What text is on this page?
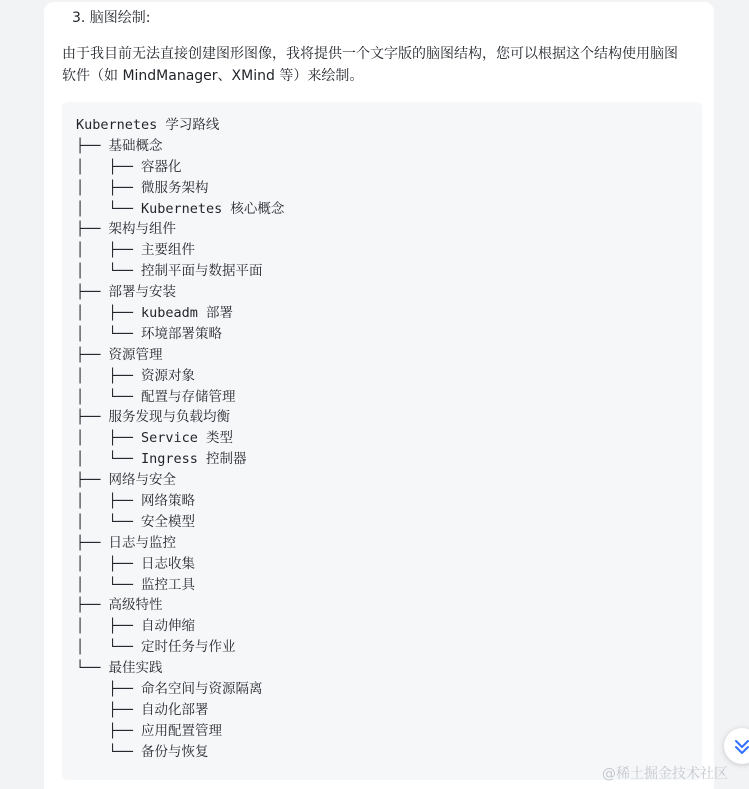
3. 脑图绘制:
由于我目前无法直接创建图形图像，我将提供一个文字版的脑图结构，您可以根据这个结构使用脑图
软件（如 MindManager、XMind 等）来绘制。
Kubernetes 学习路线
├── 基础概念
│   ├── 容器化
│   ├── 微服务架构
│   └── Kubernetes 核心概念
├── 架构与组件
│   ├── 主要组件
│   └── 控制平面与数据平面
├── 部署与安装
│   ├── kubeadm 部署
│   └── 环境部署策略
├── 资源管理
│   ├── 资源对象
│   └── 配置与存储管理
├── 服务发现与负载均衡
│   ├── Service 类型
│   └── Ingress 控制器
├── 网络与安全
│   ├── 网络策略
│   └── 安全模型
├── 日志与监控
│   ├── 日志收集
│   └── 监控工具
├── 高级特性
│   ├── 自动伸缩
│   └── 定时任务与作业
└── 最佳实践
├── 命名空间与资源隔离
├── 自动化部署
├── 应用配置管理
└── 备份与恢复
@稀土掘金技术社区
